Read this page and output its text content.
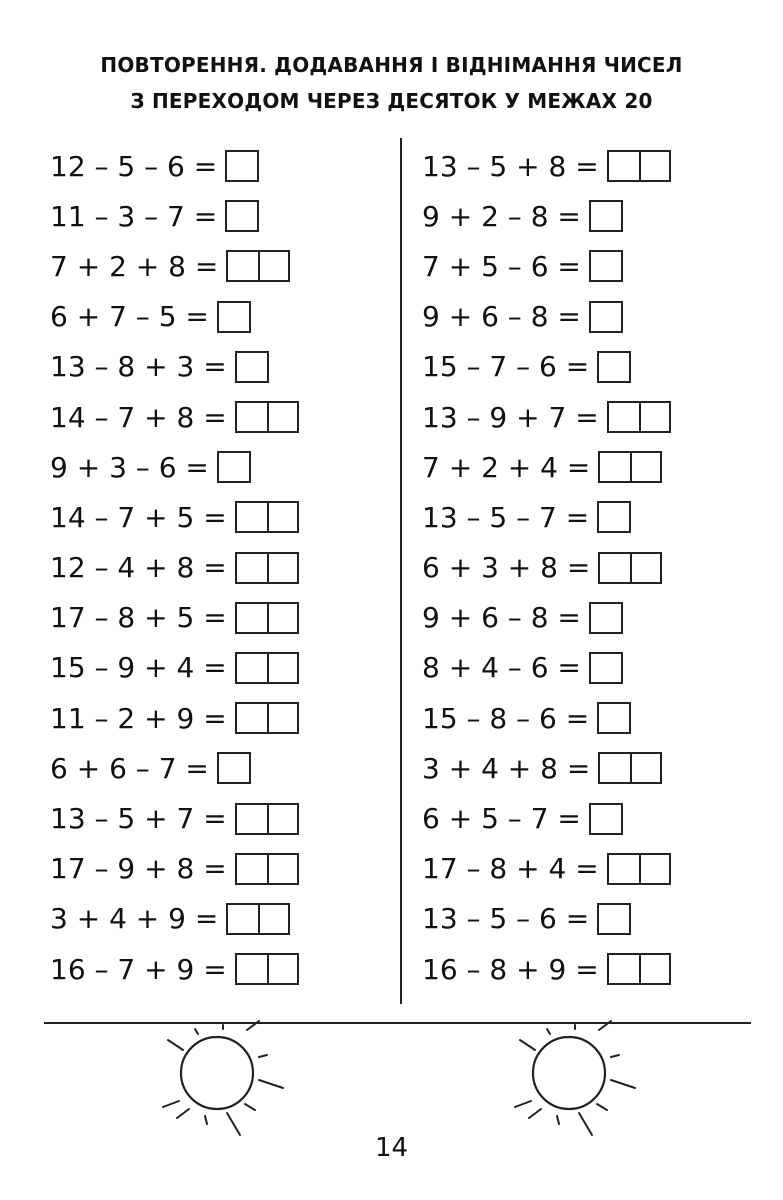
ПОВТОРЕННЯ. ДОДАВАННЯ І ВІДНІМАННЯ ЧИСЕЛ
З ПЕРЕХОДОМ ЧЕРЕЗ ДЕСЯТОК У МЕЖАХ 20
12 – 5 – 6 =
11 – 3 – 7 =
7 + 2 + 8 =
6 + 7 – 5 =
13 – 8 + 3 =
14 – 7 + 8 =
9 + 3 – 6 =
14 – 7 + 5 =
12 – 4 + 8 =
17 – 8 + 5 =
15 – 9 + 4 =
11 – 2 + 9 =
6 + 6 – 7 =
13 – 5 + 7 =
17 – 9 + 8 =
3 + 4 + 9 =
16 – 7 + 9 =
13 – 5 + 8 =
9 + 2 – 8 =
7 + 5 – 6 =
9 + 6 – 8 =
15 – 7 – 6 =
13 – 9 + 7 =
7 + 2 + 4 =
13 – 5 – 7 =
6 + 3 + 8 =
9 + 6 – 8 =
8 + 4 – 6 =
15 – 8 – 6 =
3 + 4 + 8 =
6 + 5 – 7 =
17 – 8 + 4 =
13 – 5 – 6 =
16 – 8 + 9 =
14
